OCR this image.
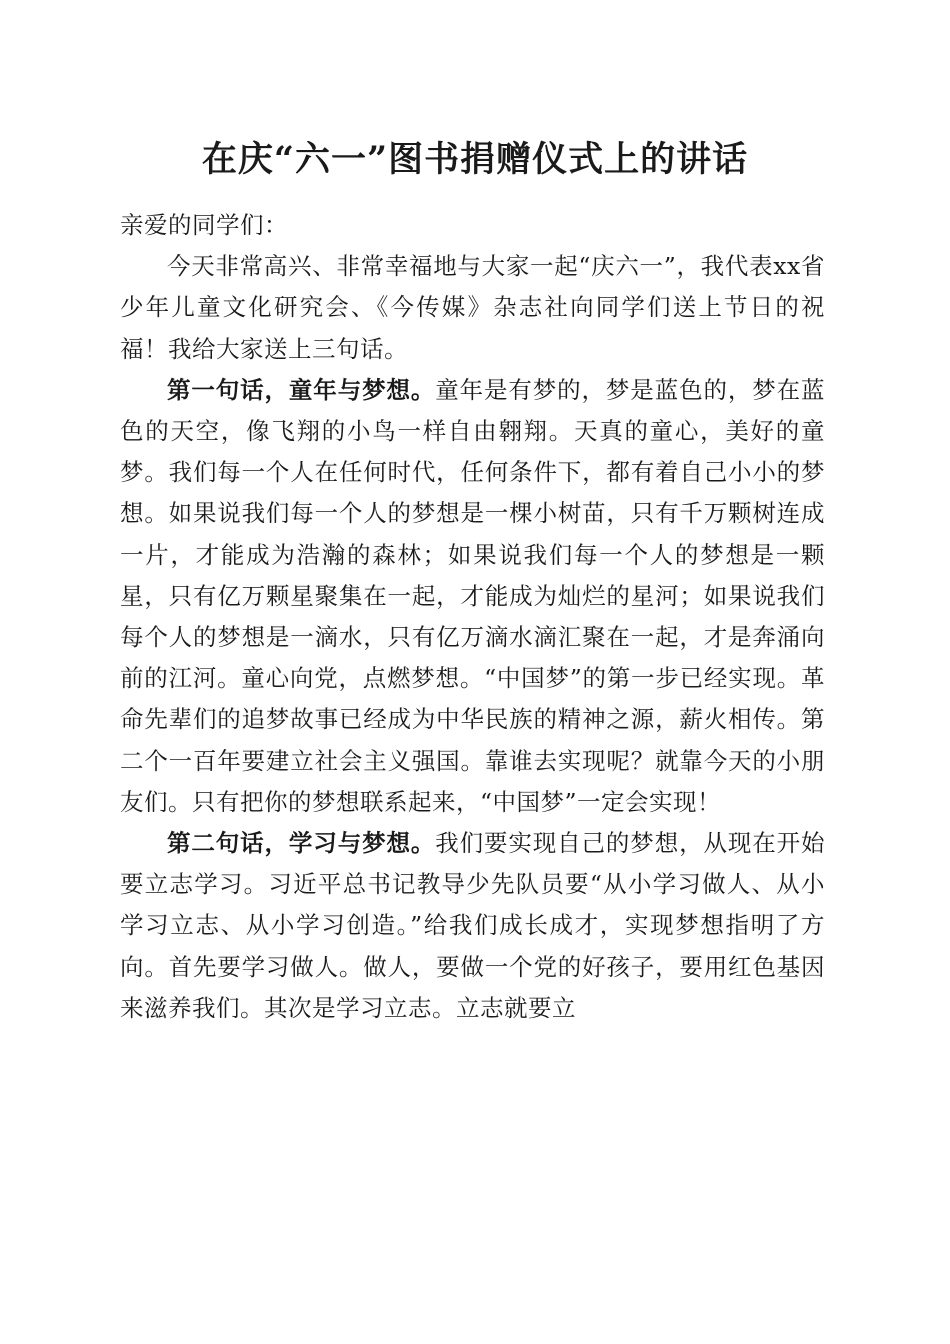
在庆“六一”图书捐赠仪式上的讲话

亲爱的同学们：

今天非常高兴、非常幸福地与大家一起“庆六一”，我代表xx省少年儿童文化研究会、《今传媒》杂志社向同学们送上节日的祝福！我给大家送上三句话。

第一句话，童年与梦想。童年是有梦的，梦是蓝色的，梦在蓝色的天空，像飞翔的小鸟一样自由翱翔。天真的童心，美好的童梦。我们每一个人在任何时代，任何条件下，都有着自己小小的梦想。如果说我们每一个人的梦想是一棵小树苗，只有千万颗树连成一片，才能成为浩瀚的森林；如果说我们每一个人的梦想是一颗星，只有亿万颗星聚集在一起，才能成为灿烂的星河；如果说我们每个人的梦想是一滴水，只有亿万滴水滴汇聚在一起，才是奔涌向前的江河。童心向党，点燃梦想。“中国梦”的第一步已经实现。革命先辈们的追梦故事已经成为中华民族的精神之源，薪火相传。第二个一百年要建立社会主义强国。靠谁去实现呢？就靠今天的小朋友们。只有把你的梦想联系起来，“中国梦”一定会实现！

第二句话，学习与梦想。我们要实现自己的梦想，从现在开始要立志学习。习近平总书记教导少先队员要“从小学习做人、从小学习立志、从小学习创造。”给我们成长成才，实现梦想指明了方向。首先要学习做人。做人，要做一个党的好孩子，要用红色基因来滋养我们。其次是学习立志。立志就要立
